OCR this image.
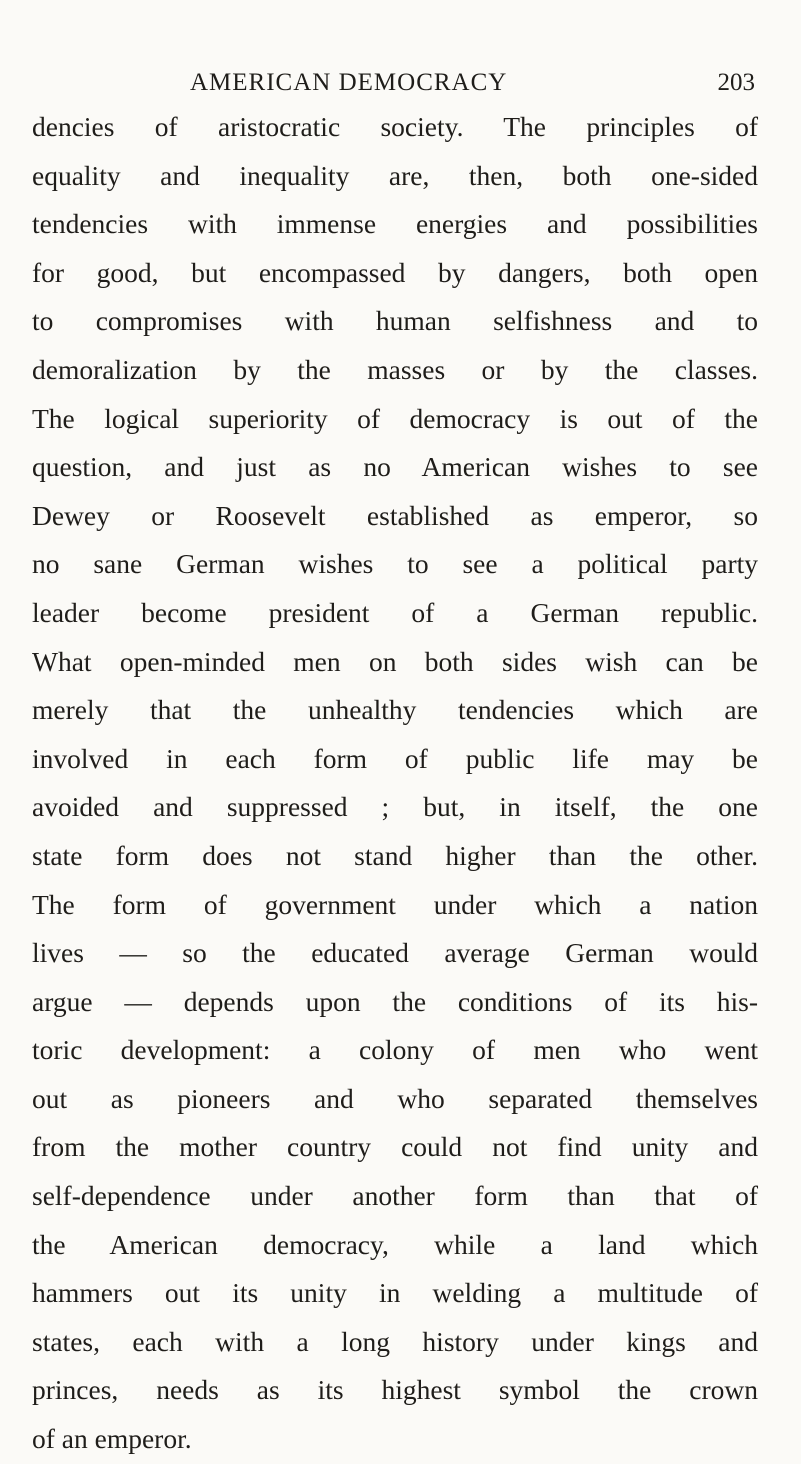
AMERICAN DEMOCRACY	203
dencies of aristocratic society. The principles of
equality and inequality are, then, both one-sided
tendencies with immense energies and possibilities
for good, but encompassed by dangers, both open
to compromises with human selfishness and to
demoralization by the masses or by the classes.
The logical superiority of democracy is out of the
question, and just as no American wishes to see
Dewey or Roosevelt established as emperor, so
no sane German wishes to see a political party
leader become president of a German republic.
What open-minded men on both sides wish can be
merely that the unhealthy tendencies which are
involved in each form of public life may be
avoided and suppressed ; but, in itself, the one
state form does not stand higher than the other.
The form of government under which a nation
lives — so the educated average German would
argue — depends upon the conditions of its his-
toric development: a colony of men who went
out as pioneers and who separated themselves
from the mother country could not find unity and
self-dependence under another form than that of
the American democracy, while a land which
hammers out its unity in welding a multitude of
states, each with a long history under kings and
princes, needs as its highest symbol the crown
of an emperor.
